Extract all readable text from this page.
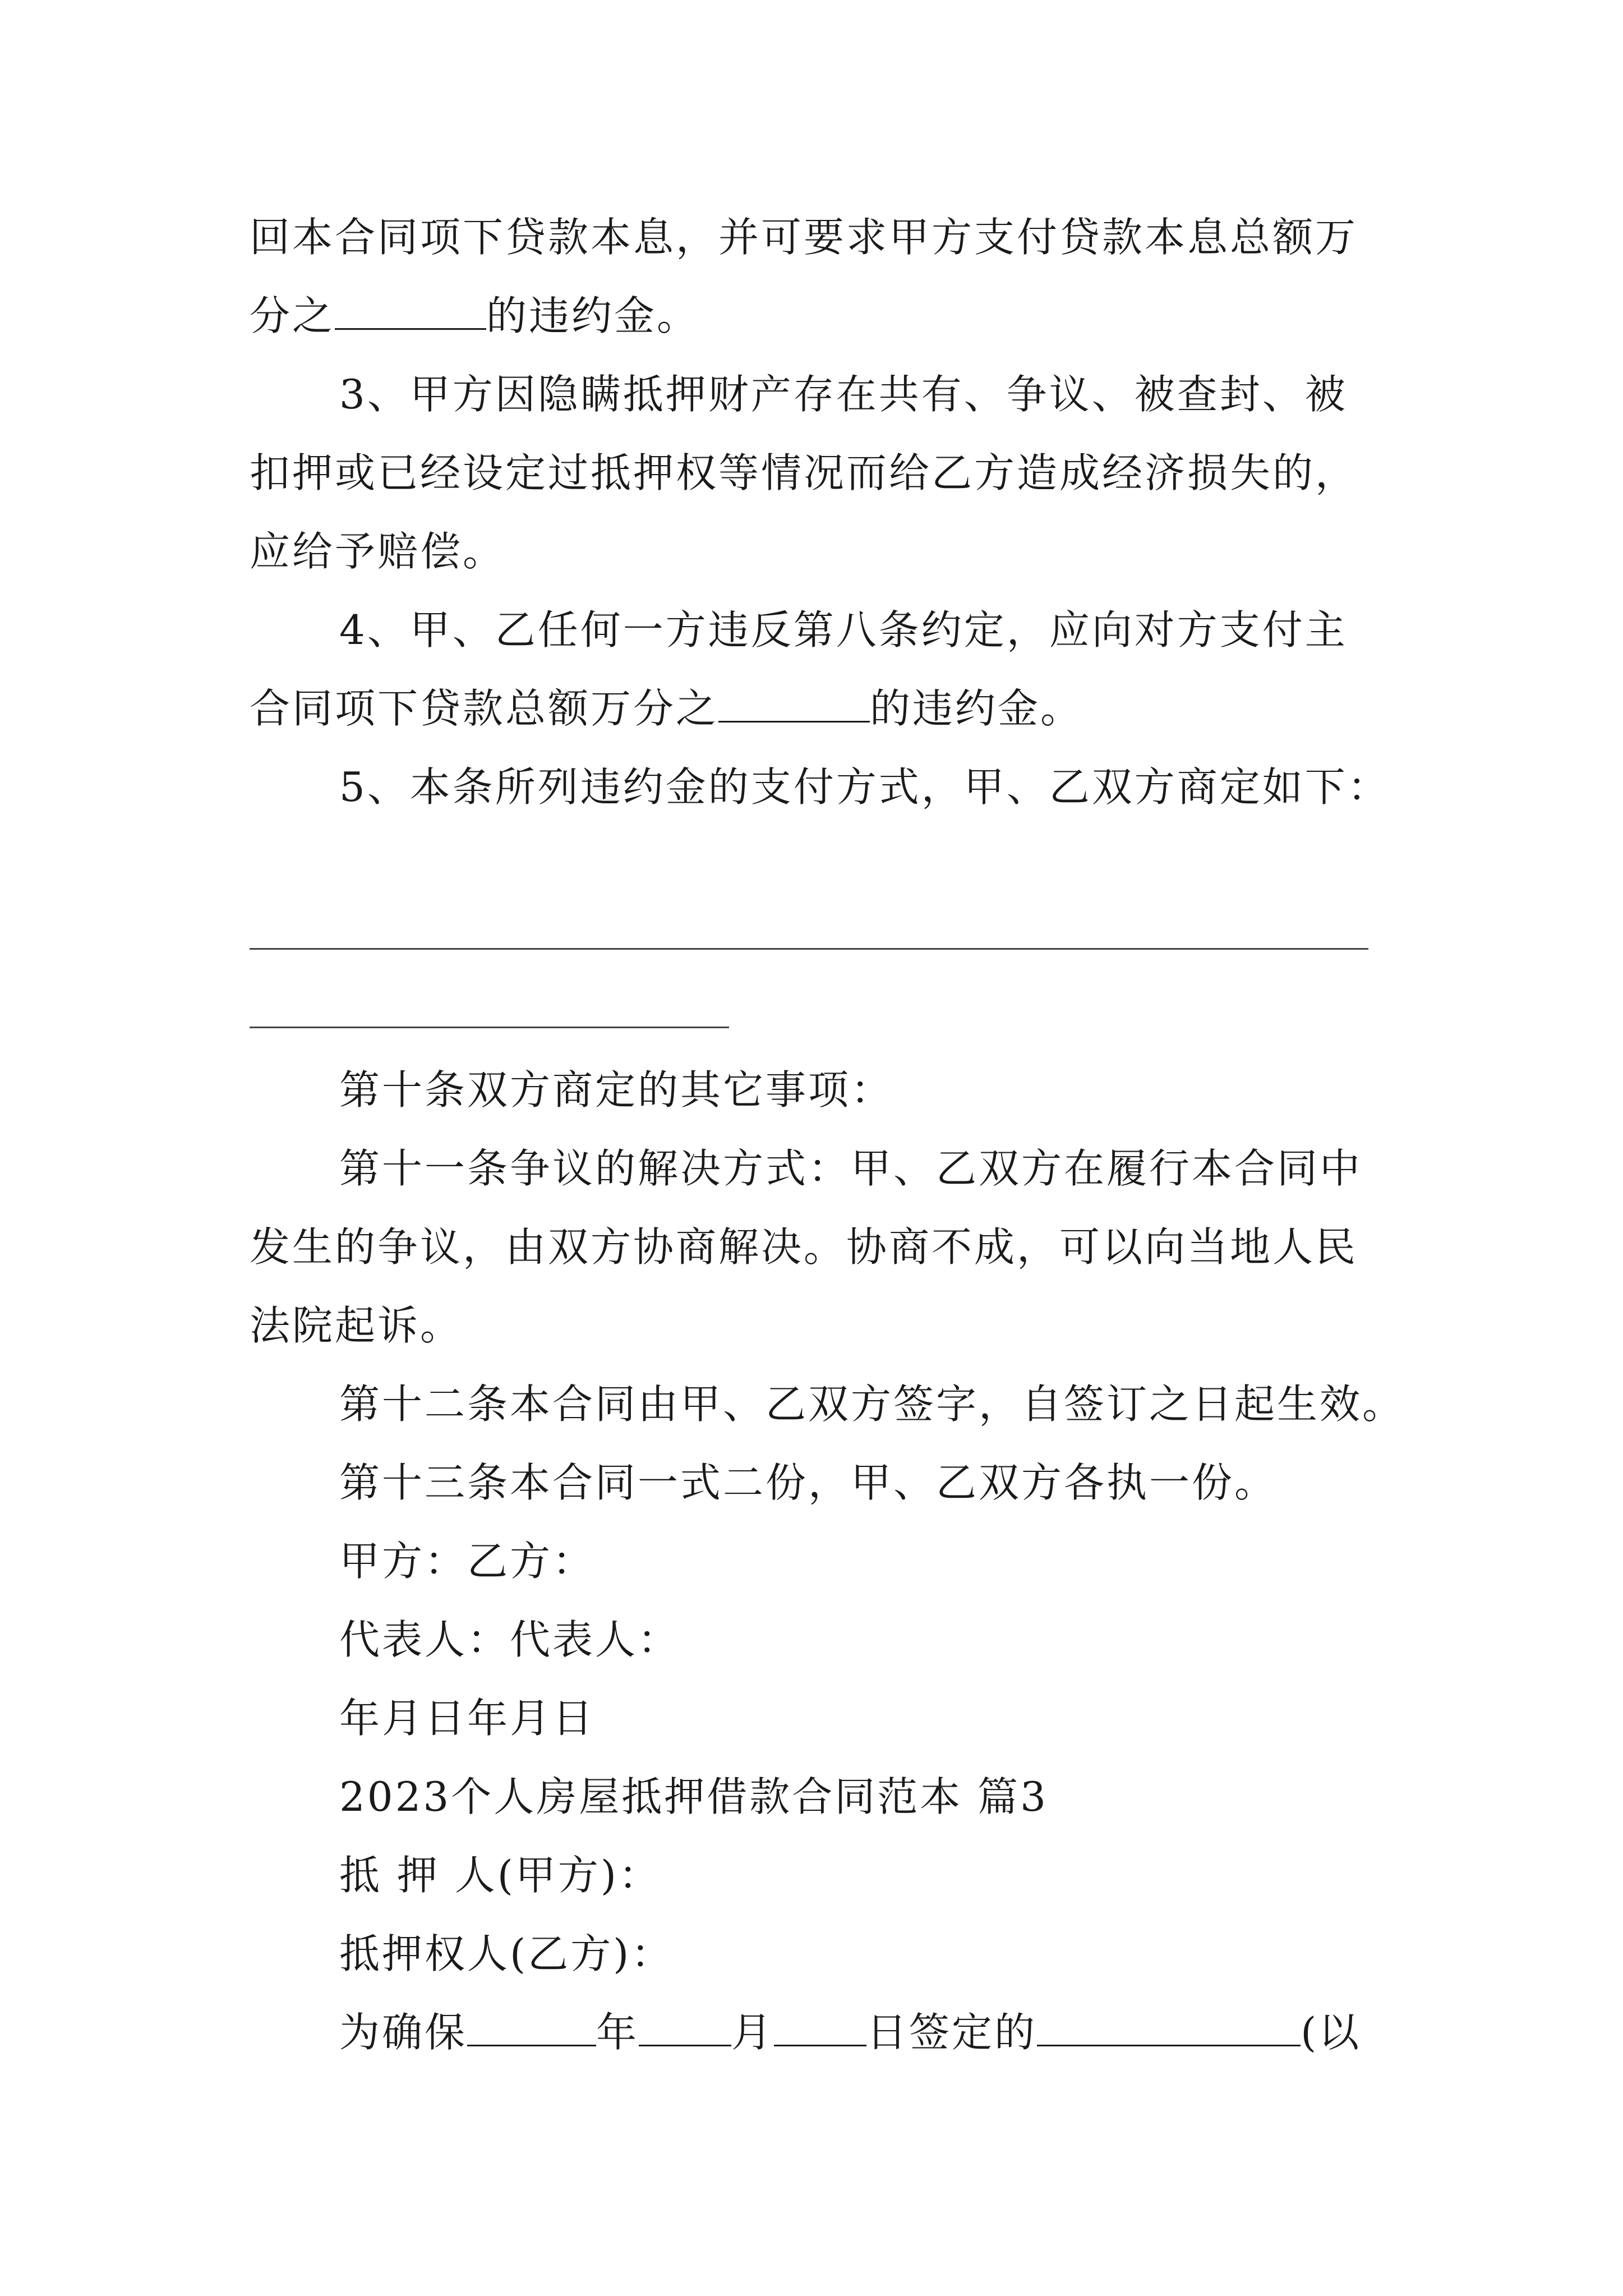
回本合同项下贷款本息，并可要求甲方支付贷款本息总额万
分之	的违约金。
3、甲方因隐瞒抵押财产存在共有、争议、被查封、被
扣押或已经设定过抵押权等情况而给乙方造成经济损失的，
应给予赔偿。
4、甲、乙任何一方违反第八条约定，应向对方支付主
合同项下贷款总额万分之	的违约金。
5、本条所列违约金的支付方式，甲、乙双方商定如下：
第十条双方商定的其它事项：
第十一条争议的解决方式：甲、乙双方在履行本合同中
发生的争议，由双方协商解决。协商不成，可以向当地人民
法院起诉。
第十二条本合同由甲、乙双方签字，自签订之日起生效。
第十三条本合同一式二份，甲、乙双方各执一份。
甲方：乙方：
代表人：代表人：
年月日年月日
2023个人房屋抵押借款合同范本 篇3
抵 押 人(甲方)：
抵押权人(乙方)：
为确保	年 月 日签定的	(以
